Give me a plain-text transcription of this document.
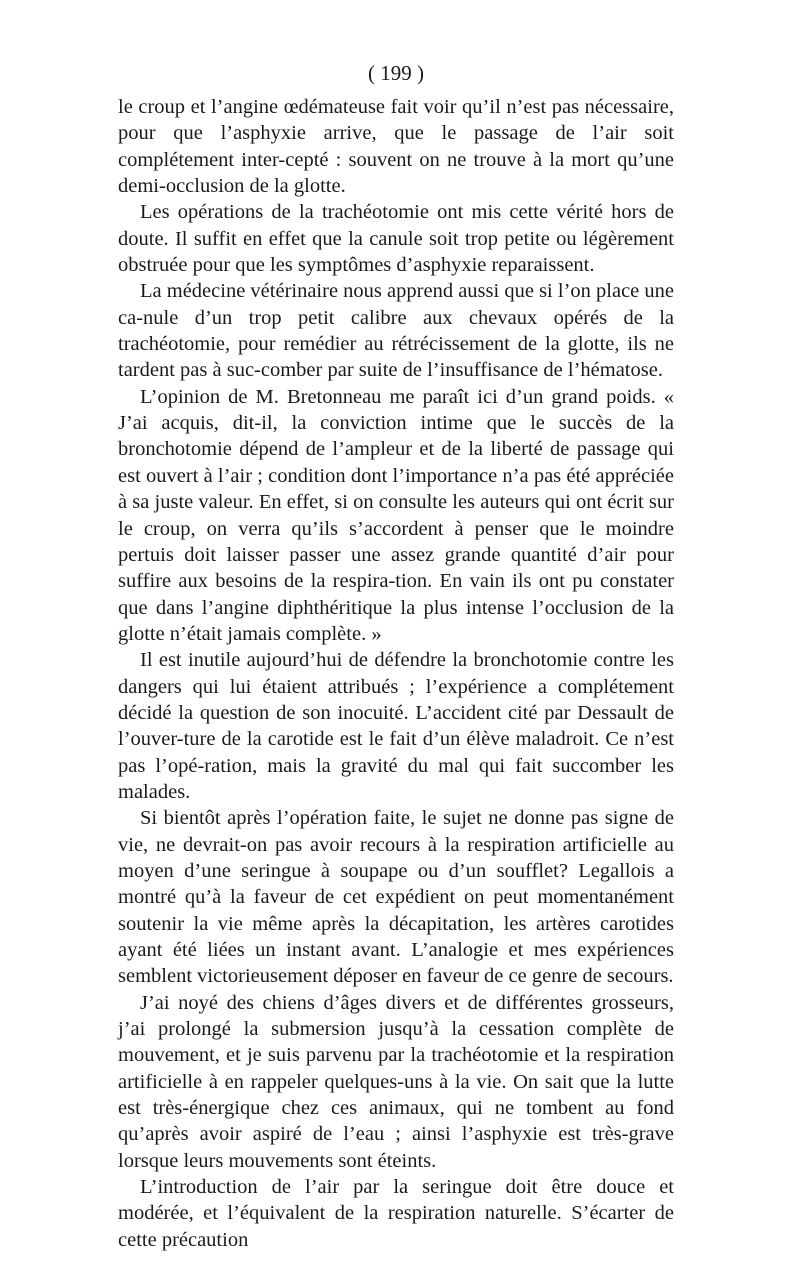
( 199 )

le croup et l’angine œdémateuse fait voir qu’il n’est pas nécessaire, pour que l’asphyxie arrive, que le passage de l’air soit complétement inter-cepté : souvent on ne trouve à la mort qu’une demi-occlusion de la glotte.

Les opérations de la trachéotomie ont mis cette vérité hors de doute. Il suffit en effet que la canule soit trop petite ou légèrement obstruée pour que les symptômes d’asphyxie reparaissent.

La médecine vétérinaire nous apprend aussi que si l’on place une ca-nule d’un trop petit calibre aux chevaux opérés de la trachéotomie, pour remédier au rétrécissement de la glotte, ils ne tardent pas à suc-comber par suite de l’insuffisance de l’hématose.

L’opinion de M. Bretonneau me paraît ici d’un grand poids. « J’ai acquis, dit-il, la conviction intime que le succès de la bronchotomie dépend de l’ampleur et de la liberté de passage qui est ouvert à l’air ; condition dont l’importance n’a pas été appréciée à sa juste valeur. En effet, si on consulte les auteurs qui ont écrit sur le croup, on verra qu’ils s’accordent à penser que le moindre pertuis doit laisser passer une assez grande quantité d’air pour suffire aux besoins de la respira-tion. En vain ils ont pu constater que dans l’angine diphthéritique la plus intense l’occlusion de la glotte n’était jamais complète. »

Il est inutile aujourd’hui de défendre la bronchotomie contre les dangers qui lui étaient attribués ; l’expérience a complétement décidé la question de son inocuité. L’accident cité par Dessault de l’ouver-ture de la carotide est le fait d’un élève maladroit. Ce n’est pas l’opé-ration, mais la gravité du mal qui fait succomber les malades.

Si bientôt après l’opération faite, le sujet ne donne pas signe de vie, ne devrait-on pas avoir recours à la respiration artificielle au moyen d’une seringue à soupape ou d’un soufflet? Legallois a montré qu’à la faveur de cet expédient on peut momentanément soutenir la vie même après la décapitation, les artères carotides ayant été liées un instant avant. L’analogie et mes expériences semblent victorieusement déposer en faveur de ce genre de secours.

J’ai noyé des chiens d’âges divers et de différentes grosseurs, j’ai prolongé la submersion jusqu’à la cessation complète de mouvement, et je suis parvenu par la trachéotomie et la respiration artificielle à en rappeler quelques-uns à la vie. On sait que la lutte est très-énergique chez ces animaux, qui ne tombent au fond qu’après avoir aspiré de l’eau ; ainsi l’asphyxie est très-grave lorsque leurs mouvements sont éteints.

L’introduction de l’air par la seringue doit être douce et modérée, et l’équivalent de la respiration naturelle. S’écarter de cette précaution
